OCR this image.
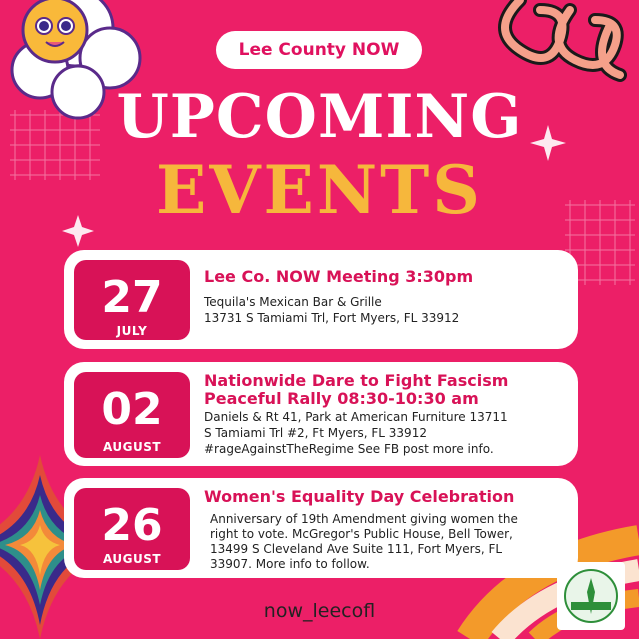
Lee County NOW
UPCOMING
EVENTS
27
JULY
Lee Co. NOW Meeting 3:30pm
Tequila's Mexican Bar & Grille
13731 S Tamiami Trl, Fort Myers, FL 33912
02
AUGUST
Nationwide Dare to Fight Fascism
Peaceful Rally 08:30-10:30 am
Daniels & Rt 41, Park at American Furniture 13711
S Tamiami Trl #2, Ft Myers, FL 33912
#rageAgainstTheRegime See FB post more info.
26
AUGUST
Women's Equality Day Celebration
Anniversary of 19th Amendment giving women the
right to vote. McGregor's Public House, Bell Tower,
13499 S Cleveland Ave Suite 111, Fort Myers, FL
33907. More info to follow.
now_leecofl
